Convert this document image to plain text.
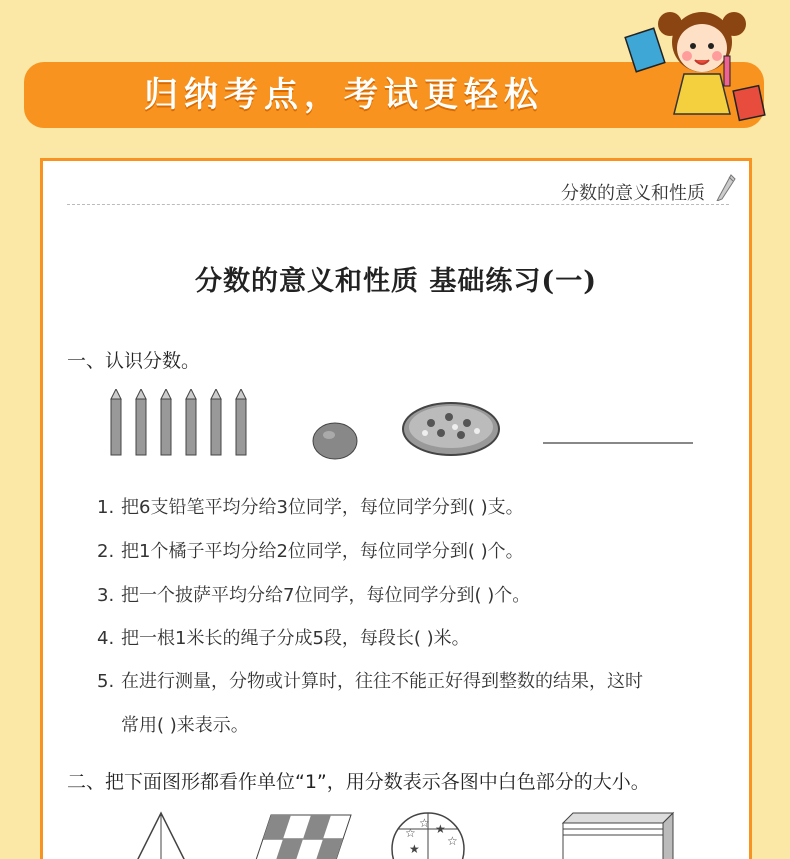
归纳考点，考试更轻松
分数的意义和性质
分数的意义和性质 基础练习(一)
一、认识分数。
1. 把6支铅笔平均分给3位同学，每位同学分到( )支。
2. 把1个橘子平均分给2位同学，每位同学分到( )个。
3. 把一个披萨平均分给7位同学，每位同学分到( )个。
4. 把一根1米长的绳子分成5段，每段长( )米。
5. 在进行测量，分物或计算时，往往不能正好得到整数的结果，这时
常用( )来表示。
二、把下面图形都看作单位“1”，用分数表示各图中白色部分的大小。
☆
☆ ★
☆
★
